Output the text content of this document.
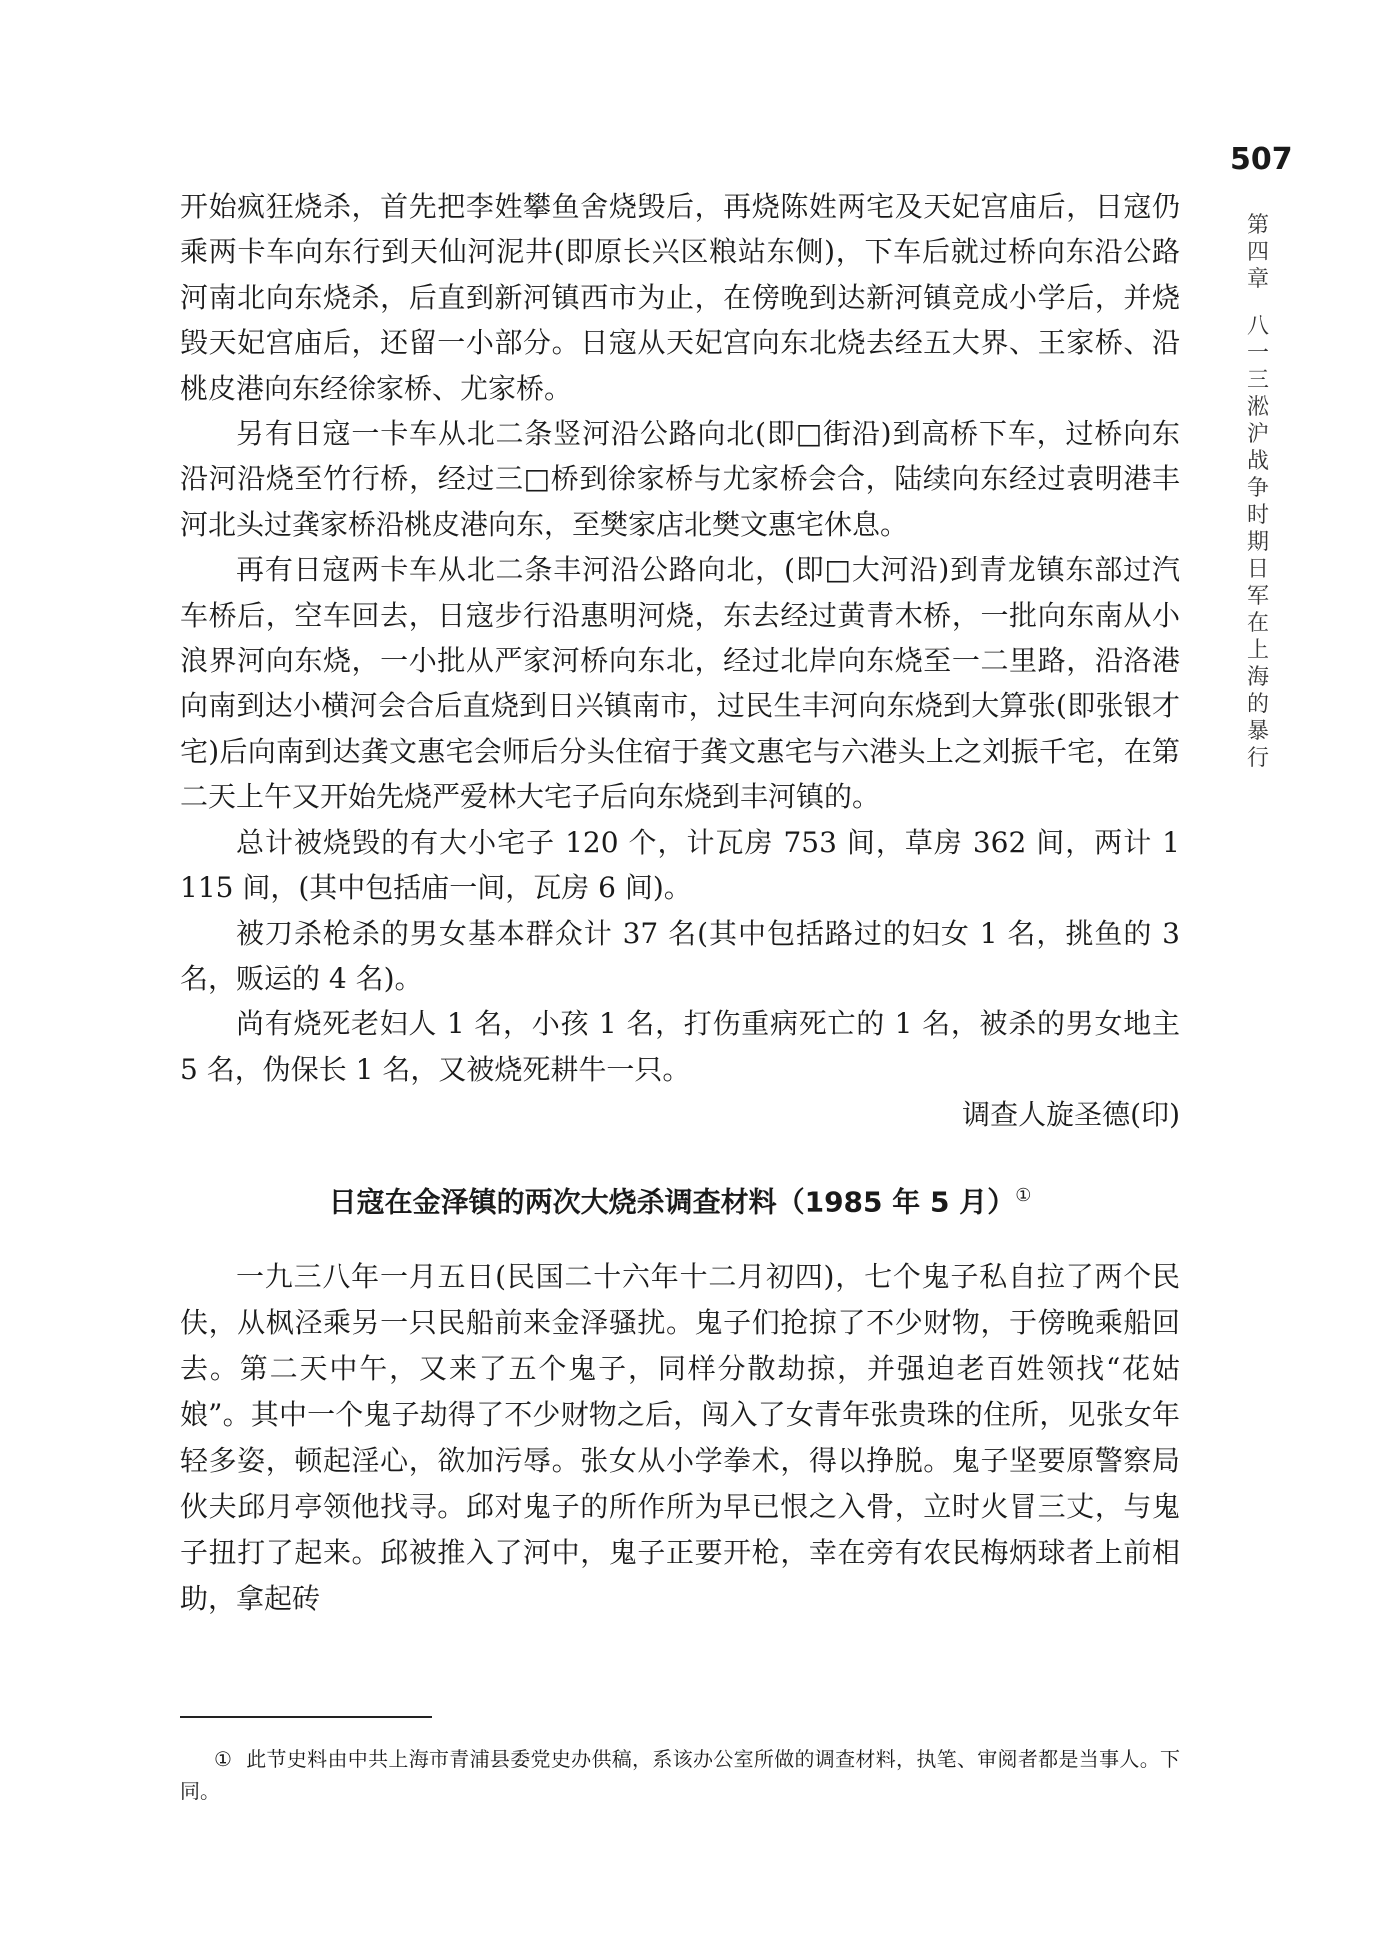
507
第四章
八一三淞沪战争时期日军在上海的暴行

开始疯狂烧杀，首先把李姓攀鱼舍烧毁后，再烧陈姓两宅及天妃宫庙后，日寇仍乘两卡车向东行到天仙河泥井(即原长兴区粮站东侧)，下车后就过桥向东沿公路河南北向东烧杀，后直到新河镇西市为止，在傍晚到达新河镇竞成小学后，并烧毁天妃宫庙后，还留一小部分。日寇从天妃宫向东北烧去经五大界、王家桥、沿桃皮港向东经徐家桥、尤家桥。

另有日寇一卡车从北二条竖河沿公路向北(即□街沿)到高桥下车，过桥向东沿河沿烧至竹行桥，经过三□桥到徐家桥与尤家桥会合，陆续向东经过袁明港丰河北头过龚家桥沿桃皮港向东，至樊家店北樊文惠宅休息。

再有日寇两卡车从北二条丰河沿公路向北，(即□大河沿)到青龙镇东部过汽车桥后，空车回去，日寇步行沿惠明河烧，东去经过黄青木桥，一批向东南从小浪界河向东烧，一小批从严家河桥向东北，经过北岸向东烧至一二里路，沿洛港向南到达小横河会合后直烧到日兴镇南市，过民生丰河向东烧到大算张(即张银才宅)后向南到达龚文惠宅会师后分头住宿于龚文惠宅与六港头上之刘振千宅，在第二天上午又开始先烧严爱林大宅子后向东烧到丰河镇的。

总计被烧毁的有大小宅子 120 个，计瓦房 753 间，草房 362 间，两计 1 115 间，(其中包括庙一间，瓦房 6 间)。

被刀杀枪杀的男女基本群众计 37 名(其中包括路过的妇女 1 名，挑鱼的 3 名，贩运的 4 名)。

尚有烧死老妇人 1 名，小孩 1 名，打伤重病死亡的 1 名，被杀的男女地主 5 名，伪保长 1 名，又被烧死耕牛一只。

调查人旋圣德(印)

日寇在金泽镇的两次大烧杀调查材料（1985 年 5 月）①

一九三八年一月五日(民国二十六年十二月初四)，七个鬼子私自拉了两个民伕，从枫泾乘另一只民船前来金泽骚扰。鬼子们抢掠了不少财物，于傍晚乘船回去。第二天中午，又来了五个鬼子，同样分散劫掠，并强迫老百姓领找“花姑娘”。其中一个鬼子劫得了不少财物之后，闯入了女青年张贵珠的住所，见张女年轻多姿，顿起淫心，欲加污辱。张女从小学拳术，得以挣脱。鬼子坚要原警察局伙夫邱月亭领他找寻。邱对鬼子的所作所为早已恨之入骨，立时火冒三丈，与鬼子扭打了起来。邱被推入了河中，鬼子正要开枪，幸在旁有农民梅炳球者上前相助，拿起砖

① 此节史料由中共上海市青浦县委党史办供稿，系该办公室所做的调查材料，执笔、审阅者都是当事人。下同。
